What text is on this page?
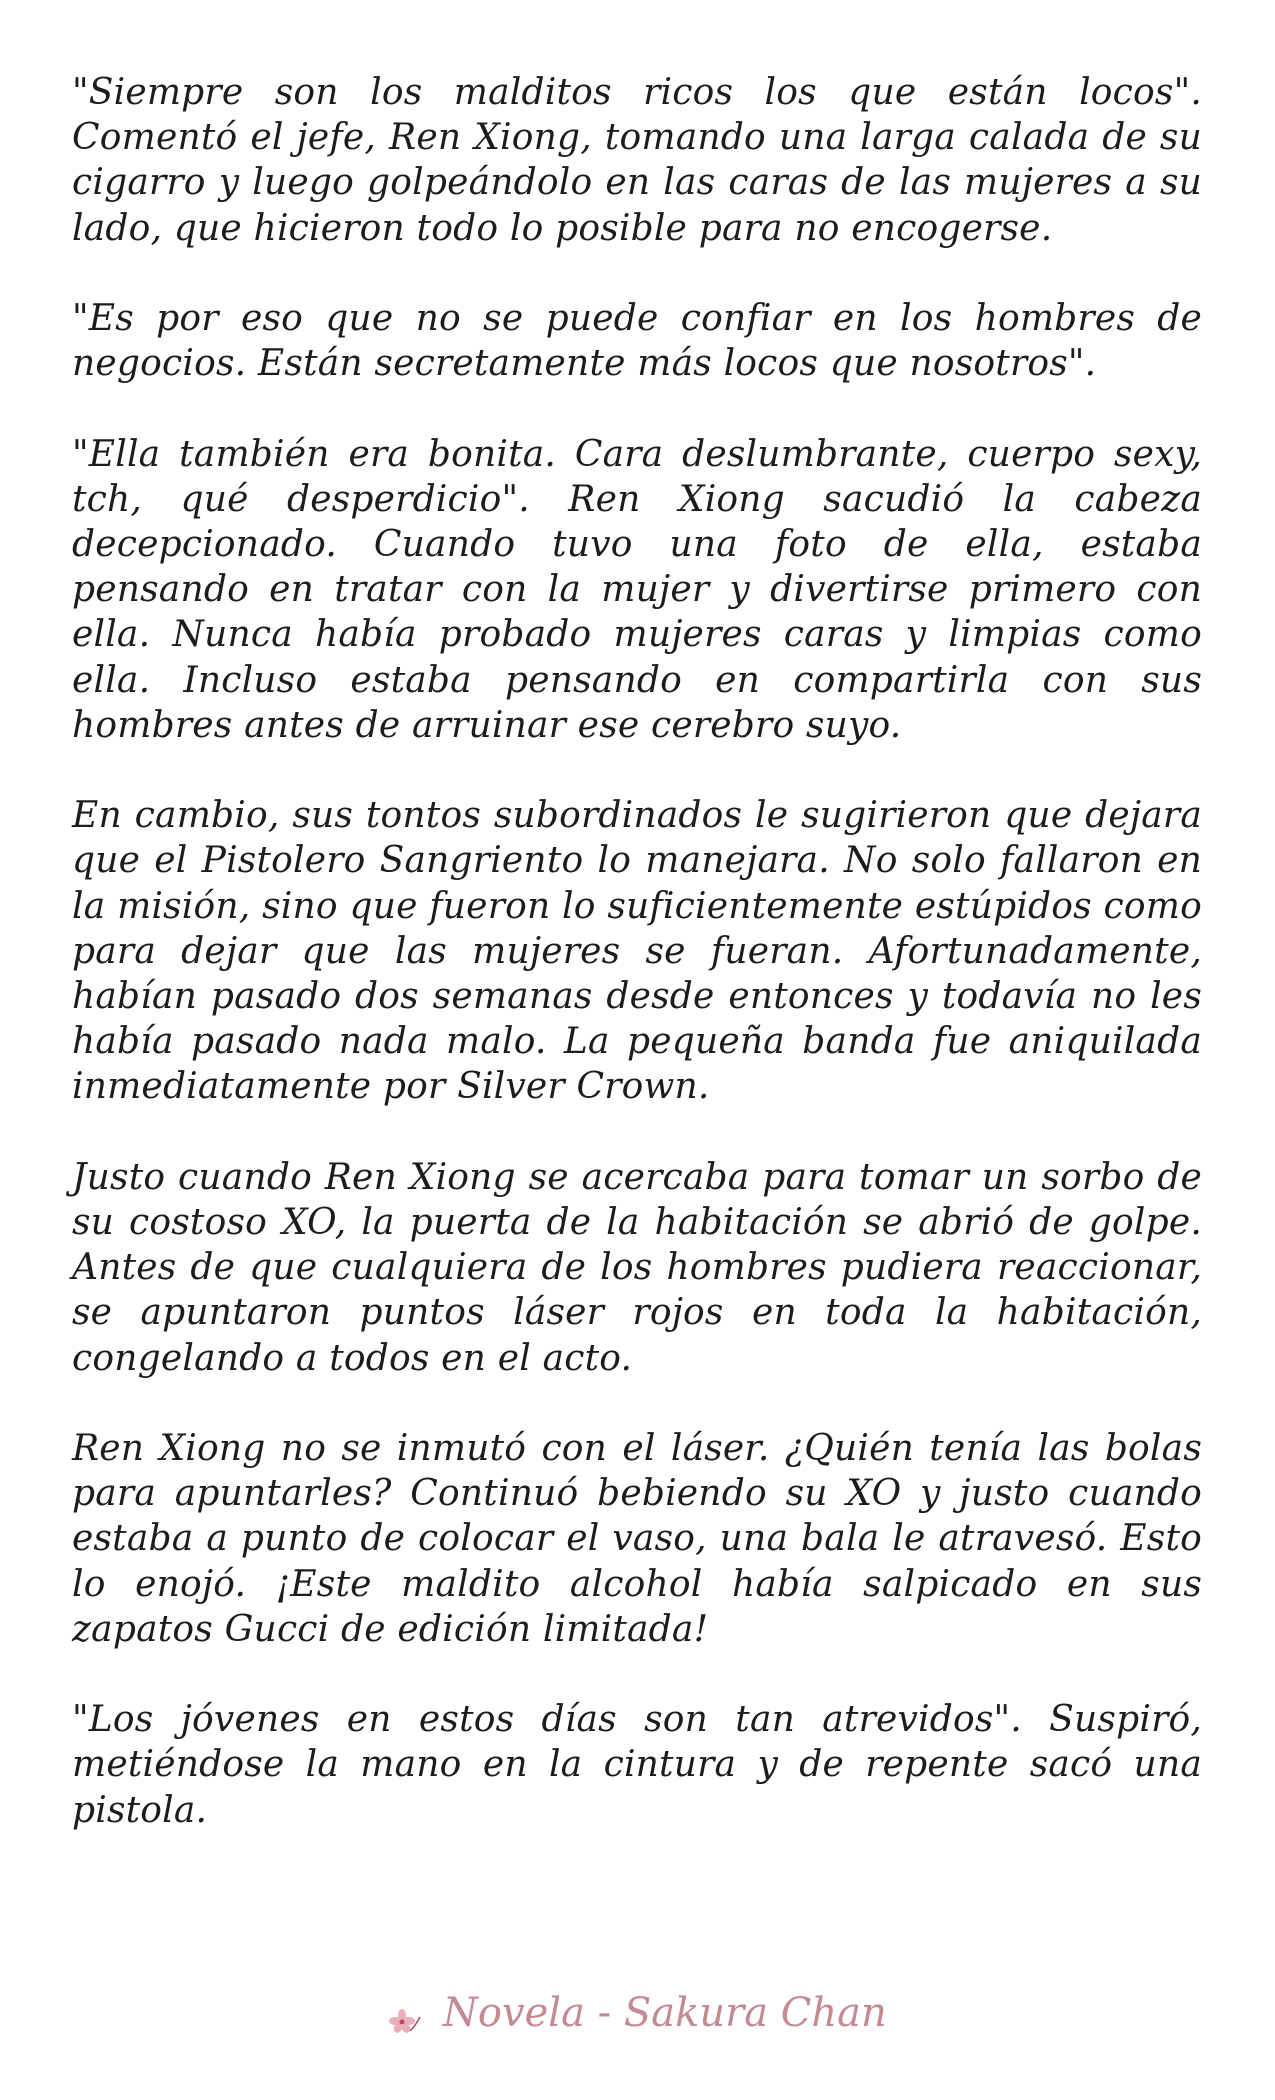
"Siempre son los malditos ricos los que están locos". Comentó el jefe, Ren Xiong, tomando una larga calada de su cigarro y luego golpeándolo en las caras de las mujeres a su lado, que hicieron todo lo posible para no encogerse.

"Es por eso que no se puede confiar en los hombres de negocios. Están secretamente más locos que nosotros".

"Ella también era bonita. Cara deslumbrante, cuerpo sexy, tch, qué desperdicio". Ren Xiong sacudió la cabeza decepcionado. Cuando tuvo una foto de ella, estaba pensando en tratar con la mujer y divertirse primero con ella. Nunca había probado mujeres caras y limpias como ella. Incluso estaba pensando en compartirla con sus hombres antes de arruinar ese cerebro suyo.

En cambio, sus tontos subordinados le sugirieron que dejara que el Pistolero Sangriento lo manejara. No solo fallaron en la misión, sino que fueron lo suficientemente estúpidos como para dejar que las mujeres se fueran. Afortunadamente, habían pasado dos semanas desde entonces y todavía no les había pasado nada malo. La pequeña banda fue aniquilada inmediatamente por Silver Crown.

Justo cuando Ren Xiong se acercaba para tomar un sorbo de su costoso XO, la puerta de la habitación se abrió de golpe. Antes de que cualquiera de los hombres pudiera reaccionar, se apuntaron puntos láser rojos en toda la habitación, congelando a todos en el acto.

Ren Xiong no se inmutó con el láser. ¿Quién tenía las bolas para apuntarles? Continuó bebiendo su XO y justo cuando estaba a punto de colocar el vaso, una bala le atravesó. Esto lo enojó. ¡Este maldito alcohol había salpicado en sus zapatos Gucci de edición limitada!

"Los jóvenes en estos días son tan atrevidos". Suspiró, metiéndose la mano en la cintura y de repente sacó una pistola.

Novela - Sakura Chan
